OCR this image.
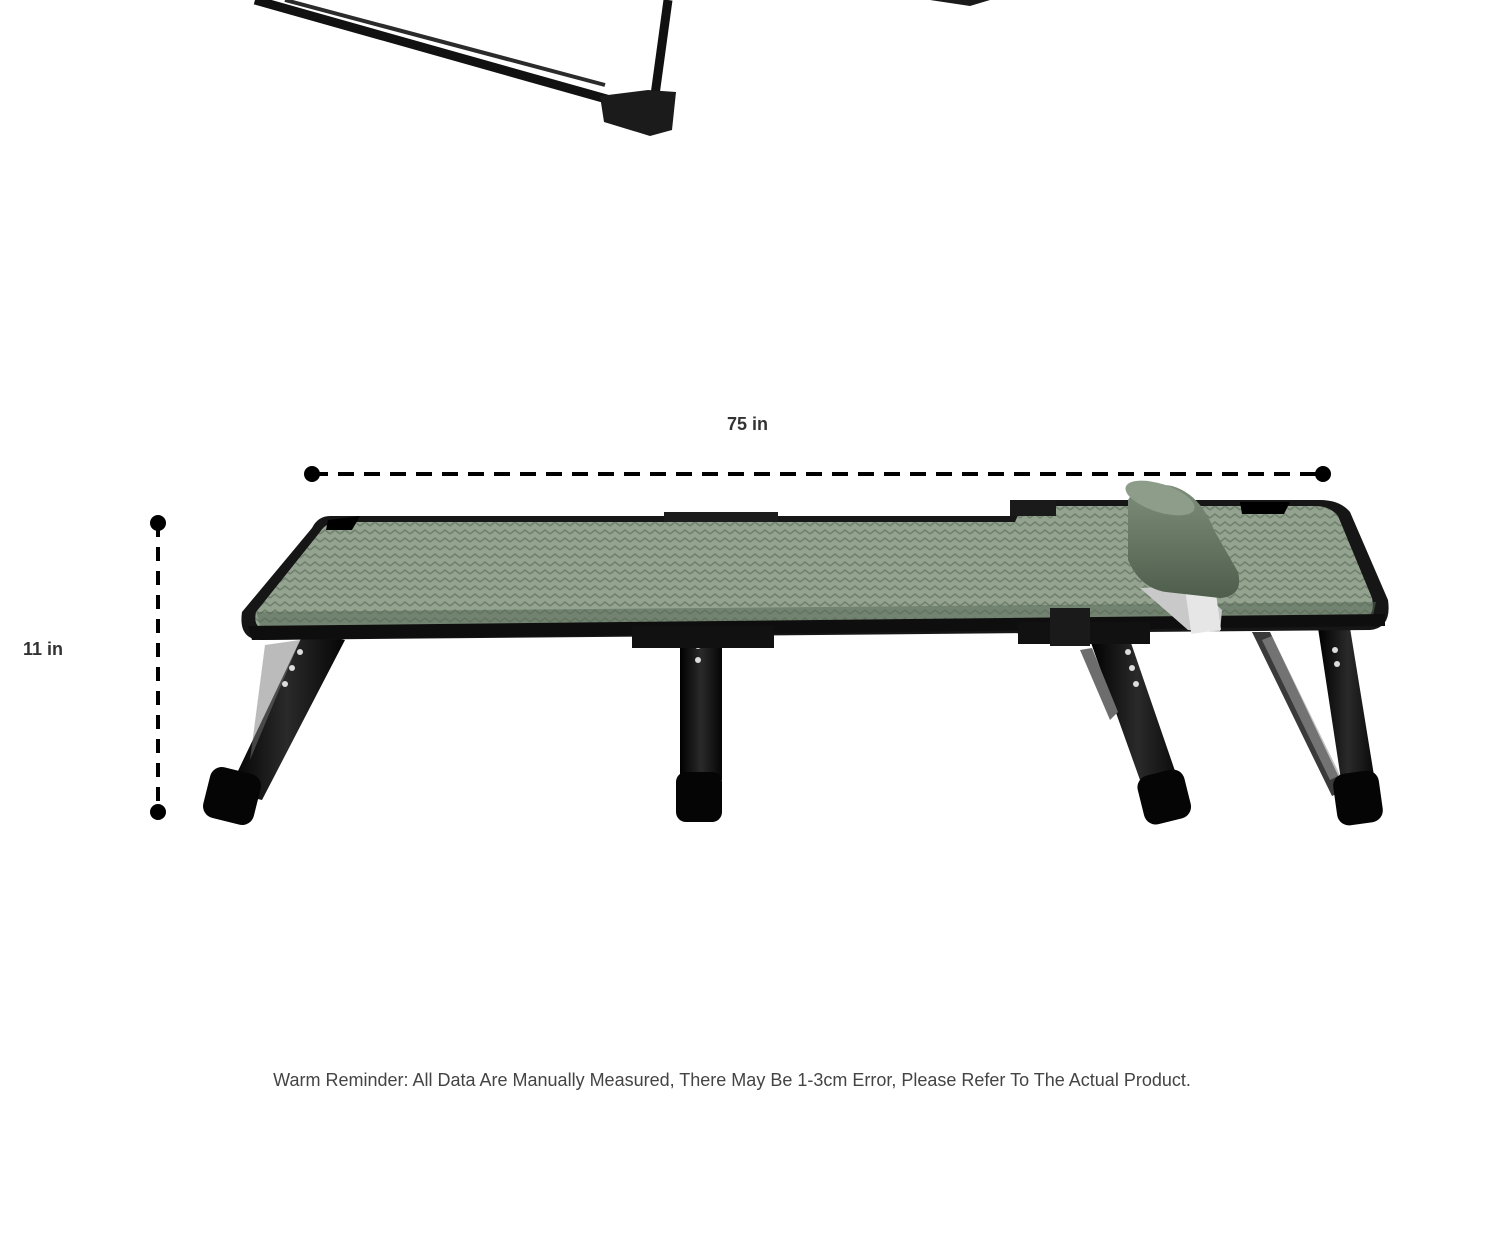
75 in
11 in
Warm Reminder: All Data Are Manually Measured, There May Be 1-3cm Error, Please Refer To The Actual Product.
